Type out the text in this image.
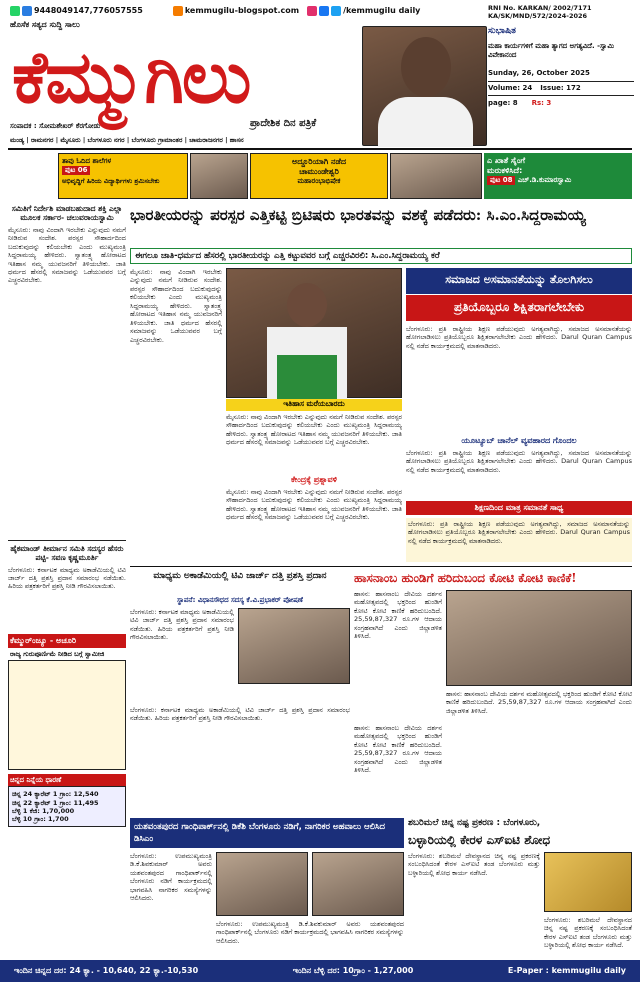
9448049147,776057555	kemmugilu-blogspot.com	/kemmugilu daily
ಹೊಸೆಕ ಸತ್ಯದ ಸುದ್ದಿ ಸಾಲು
ಕೆಮ್ಮುಗಿಲು
ಪ್ರಾದೇಶಿಕ ದಿನ ಪತ್ರಿಕೆ
ಸಂಪಾದಕ : ಸೋಮಶೇಖರ್ ಕೆರಗೋಡು
ಮಂಡ್ಯ | ರಾಮನಗರ | ಮೈಸೂರು | ಬೆಂಗಳೂರು ನಗರ | ಬೆಂಗಳೂರು ಗ್ರಾಮಾಂತರ | ಚಾಮರಾಜನಗರ | ಹಾಸನ
RNI No. KARKAN/ 2002/7171 KA/SK/MND/572/2024-2026
ಸುಭಾಷಿತ
ಮಹಾ ಕಾರ್ಯಗಳಿಗೆ ಮಹಾ ತ್ಯಾಗದ ಅಗತ್ಯವಿದೆ. -ಸ್ವಾಮಿ ವಿವೇಕಾನಂದ
Sunday, 26, October 2025
Volume: 24 Issue: 172
page: 8 Rs: 3
ತಾವು ಓದಿದ ಶಾಲೆಗಳ
ಪುಟ 06
ಅಭಿವೃದ್ಧಿಗೆ ಹಿರಿಯ ವಿದ್ಯಾರ್ಥಿಗಳು ಶ್ರಮಿಸಬೇಕು
ಅದ್ದೂರಿಯಾಗಿ ನಡೆದ
ಚಾಮುಂಡೇಶ್ವರಿ
ಮಹಾರಂಭಾಭಿಷೇಕ
ಎ ಖಾತೆ ಸೈಂಗೆ
ಮರುಕಳಿಸಿದೆ:
ಪುಟ 08 ಎಚ್.ಡಿ.ಕುಮಾರಸ್ವಾಮಿ
ಸಮಿತಿಗೆ ನಿರ್ದೇಶಿ ಮಾಡಬಹುದಾದ ಶಕ್ತಿ ಎಲ್ಲಾ ಮೂಲಕ ಸರ್ಕಾರ- ಚಲುವರಾಯಸ್ವಾಮಿ
ಮೈಸೂರು: ನಾವು ವಿಂದಾಗಿ ಇರಬೇಕು ಎನ್ನುವುದು ನಮಗೆ ನೀಡಿರುವ ಸಂದೇಶ. ಪರಸ್ಪರ ಸೌಹಾರ್ದದಿಂದ ಬದುಕುವುದನ್ನು ಕಲಿಯಬೇಕು ಎಂದು ಮುಖ್ಯಮಂತ್ರಿ ಸಿದ್ದರಾಮಯ್ಯ ಹೇಳಿದರು. ಸ್ವಾತಂತ್ರ್ಯ ಹೋರಾಟದ ಇತಿಹಾಸ ನಮ್ಮ ಯುವಜನರಿಗೆ ತಿಳಿಯಬೇಕು. ಜಾತಿ ಧರ್ಮದ ಹೆಸರಲ್ಲಿ ಸಮಾಜವನ್ನು ಒಡೆಯುವವರ ಬಗ್ಗೆ ಎಚ್ಚರವಿರಬೇಕು.
ಹೈಕಮಾಂಡ್ ತೀರ್ಮಾನ ಸಮಿತಿ ಸದಸ್ಯರ ಹೆಸರು ಪಟ್ಟಿ- ಸವಣ ಕೃಷ್ಣಮೂರ್ತಿ
ಬೆಂಗಳೂರು: ಕರ್ನಾಟಕ ಮಾಧ್ಯಮ ಅಕಾಡೆಮಿಯಲ್ಲಿ ಟಿವಿ ಜಾರ್ಜ್ ದತ್ತಿ ಪ್ರಶಸ್ತಿ ಪ್ರದಾನ ಸಮಾರಂಭ ನಡೆಯಿತು. ಹಿರಿಯ ಪತ್ರಕರ್ತರಿಗೆ ಪ್ರಶಸ್ತಿ ನೀಡಿ ಗೌರವಿಸಲಾಯಿತು.
ಕೆಮ್ಮುರ್ಂಜ್ಯೂ - ಅಚೂರಿ
ರಾಜ್ಯ ಗುರುಪೂರ್ಣಿಮೆ ನೀಡಿದ ಬಗ್ಗೆ ಸ್ವಾಮೀಜಿ
ಚಿನ್ನದ ನಿನ್ನೆಯ ಧಾರಣೆ
ಚಿನ್ನ 24 ಕ್ಯಾರೆಟ್ 1 ಗ್ರಾಂ: 12,540
ಚಿನ್ನ 22 ಕ್ಯಾರೆಟ್ 1 ಗ್ರಾಂ: 11,495
ಬೆಳ್ಳಿ 1 ಕೆಜಿ: 1,70,000
ಬೆಳ್ಳಿ 10 ಗ್ರಾಂ: 1,700
ಭಾರತೀಯರನ್ನು ಪರಸ್ಪರ ಎತ್ತಿಕಟ್ಟಿ ಬ್ರಿಟಿಷರು ಭಾರತವನ್ನು ವಶಕ್ಕೆ ಪಡೆದರು: ಸಿ.ಎಂ.ಸಿದ್ದರಾಮಯ್ಯ
ಈಗಲೂ ಜಾತಿ-ಧರ್ಮದ ಹೆಸರಲ್ಲಿ ಭಾರತೀಯರನ್ನು ಎತ್ತಿ ಕಟ್ಟುವವರ ಬಗ್ಗೆ ಎಚ್ಚರವಿರಲಿ: ಸಿ.ಎಂ.ಸಿದ್ದರಾಮಯ್ಯ ಕರೆ
ಮೈಸೂರು: ನಾವು ವಿಂದಾಗಿ ಇರಬೇಕು ಎನ್ನುವುದು ನಮಗೆ ನೀಡಿರುವ ಸಂದೇಶ. ಪರಸ್ಪರ ಸೌಹಾರ್ದದಿಂದ ಬದುಕುವುದನ್ನು ಕಲಿಯಬೇಕು ಎಂದು ಮುಖ್ಯಮಂತ್ರಿ ಸಿದ್ದರಾಮಯ್ಯ ಹೇಳಿದರು. ಸ್ವಾತಂತ್ರ್ಯ ಹೋರಾಟದ ಇತಿಹಾಸ ನಮ್ಮ ಯುವಜನರಿಗೆ ತಿಳಿಯಬೇಕು. ಜಾತಿ ಧರ್ಮದ ಹೆಸರಲ್ಲಿ ಸಮಾಜವನ್ನು ಒಡೆಯುವವರ ಬಗ್ಗೆ ಎಚ್ಚರವಿರಬೇಕು.
ಇತಿಹಾಸ ಮರೆಯಬಾರದು
ಮೈಸೂರು: ನಾವು ವಿಂದಾಗಿ ಇರಬೇಕು ಎನ್ನುವುದು ನಮಗೆ ನೀಡಿರುವ ಸಂದೇಶ. ಪರಸ್ಪರ ಸೌಹಾರ್ದದಿಂದ ಬದುಕುವುದನ್ನು ಕಲಿಯಬೇಕು ಎಂದು ಮುಖ್ಯಮಂತ್ರಿ ಸಿದ್ದರಾಮಯ್ಯ ಹೇಳಿದರು. ಸ್ವಾತಂತ್ರ್ಯ ಹೋರಾಟದ ಇತಿಹಾಸ ನಮ್ಮ ಯುವಜನರಿಗೆ ತಿಳಿಯಬೇಕು. ಜಾತಿ ಧರ್ಮದ ಹೆಸರಲ್ಲಿ ಸಮಾಜವನ್ನು ಒಡೆಯುವವರ ಬಗ್ಗೆ ಎಚ್ಚರವಿರಬೇಕು.
ಕೇಂದ್ರಕ್ಕೆ ಪ್ರಶ್ನಾವಳಿ
ಮೈಸೂರು: ನಾವು ವಿಂದಾಗಿ ಇರಬೇಕು ಎನ್ನುವುದು ನಮಗೆ ನೀಡಿರುವ ಸಂದೇಶ. ಪರಸ್ಪರ ಸೌಹಾರ್ದದಿಂದ ಬದುಕುವುದನ್ನು ಕಲಿಯಬೇಕು ಎಂದು ಮುಖ್ಯಮಂತ್ರಿ ಸಿದ್ದರಾಮಯ್ಯ ಹೇಳಿದರು. ಸ್ವಾತಂತ್ರ್ಯ ಹೋರಾಟದ ಇತಿಹಾಸ ನಮ್ಮ ಯುವಜನರಿಗೆ ತಿಳಿಯಬೇಕು. ಜಾತಿ ಧರ್ಮದ ಹೆಸರಲ್ಲಿ ಸಮಾಜವನ್ನು ಒಡೆಯುವವರ ಬಗ್ಗೆ ಎಚ್ಚರವಿರಬೇಕು.
ಸಮಾಜದ ಅಸಮಾನತೆಯನ್ನು ತೊಲಗಿಸಲು
ಪ್ರತಿಯೊಬ್ಬರೂ ಶಿಕ್ಷಿತರಾಗಲೇಬೇಕು
ಬೆಂಗಳೂರು: ಪ್ರತಿ ರಾಷ್ಟ್ರೀಯ ಶಿಕ್ಷಣ ಪಡೆಯುವುದು ಅಗತ್ಯವಾಗಿದ್ದು, ಸಮಾಜದ ಅಸಮಾನತೆಯನ್ನು ಹೋಗಲಾಡಿಸಲು ಪ್ರತಿಯೊಬ್ಬರೂ ಶಿಕ್ಷಿತರಾಗಲೇಬೇಕು ಎಂದು ಹೇಳಿದರು. Darul Quran Campus ನಲ್ಲಿ ನಡೆದ ಕಾರ್ಯಕ್ರಮದಲ್ಲಿ ಮಾತನಾಡಿದರು.
ಯೂಟ್ಯೂಬ್ ಚಾನೆಲ್ ವ್ಯವಹಾರದ ಗೊಂದಲ
ಬೆಂಗಳೂರು: ಪ್ರತಿ ರಾಷ್ಟ್ರೀಯ ಶಿಕ್ಷಣ ಪಡೆಯುವುದು ಅಗತ್ಯವಾಗಿದ್ದು, ಸಮಾಜದ ಅಸಮಾನತೆಯನ್ನು ಹೋಗಲಾಡಿಸಲು ಪ್ರತಿಯೊಬ್ಬರೂ ಶಿಕ್ಷಿತರಾಗಲೇಬೇಕು ಎಂದು ಹೇಳಿದರು. Darul Quran Campus ನಲ್ಲಿ ನಡೆದ ಕಾರ್ಯಕ್ರಮದಲ್ಲಿ ಮಾತನಾಡಿದರು.
ಶಿಕ್ಷಣದಿಂದ ಮಾತ್ರ ಸಮಾನತೆ ಸಾಧ್ಯ
ಬೆಂಗಳೂರು: ಪ್ರತಿ ರಾಷ್ಟ್ರೀಯ ಶಿಕ್ಷಣ ಪಡೆಯುವುದು ಅಗತ್ಯವಾಗಿದ್ದು, ಸಮಾಜದ ಅಸಮಾನತೆಯನ್ನು ಹೋಗಲಾಡಿಸಲು ಪ್ರತಿಯೊಬ್ಬರೂ ಶಿಕ್ಷಿತರಾಗಲೇಬೇಕು ಎಂದು ಹೇಳಿದರು. Darul Quran Campus ನಲ್ಲಿ ನಡೆದ ಕಾರ್ಯಕ್ರಮದಲ್ಲಿ ಮಾತನಾಡಿದರು.
ಮಾಧ್ಯಮ ಅಕಾಡೆಮಿಯಲ್ಲಿ ಟಿವಿ ಜಾರ್ಜ್ ದತ್ತಿ ಪ್ರಶಸ್ತಿ ಪ್ರದಾನ
ಸ್ಥಾಪನೆ: ವಿಧಾನಸೌಧದ ಸದಸ್ಯ ಕೆ.ವಿ.ಪ್ರಭಾಕರ್ ಪೋಷಣೆ
ಬೆಂಗಳೂರು: ಕರ್ನಾಟಕ ಮಾಧ್ಯಮ ಅಕಾಡೆಮಿಯಲ್ಲಿ ಟಿವಿ ಜಾರ್ಜ್ ದತ್ತಿ ಪ್ರಶಸ್ತಿ ಪ್ರದಾನ ಸಮಾರಂಭ ನಡೆಯಿತು. ಹಿರಿಯ ಪತ್ರಕರ್ತರಿಗೆ ಪ್ರಶಸ್ತಿ ನೀಡಿ ಗೌರವಿಸಲಾಯಿತು.
ಬೆಂಗಳೂರು: ಕರ್ನಾಟಕ ಮಾಧ್ಯಮ ಅಕಾಡೆಮಿಯಲ್ಲಿ ಟಿವಿ ಜಾರ್ಜ್ ದತ್ತಿ ಪ್ರಶಸ್ತಿ ಪ್ರದಾನ ಸಮಾರಂಭ ನಡೆಯಿತು. ಹಿರಿಯ ಪತ್ರಕರ್ತರಿಗೆ ಪ್ರಶಸ್ತಿ ನೀಡಿ ಗೌರವಿಸಲಾಯಿತು.
ಹಾಸನಾಂಬ ಹುಂಡಿಗೆ ಹರಿದುಬಂದ ಕೋಟಿ ಕೋಟಿ ಕಾಣಿಕೆ!
ಹಾಸನ: ಹಾಸನಾಂಬ ದೇವಿಯ ದರ್ಶನ ಮಹೋತ್ಸವದಲ್ಲಿ ಭಕ್ತರಿಂದ ಹುಂಡಿಗೆ ಕೋಟಿ ಕೋಟಿ ಕಾಣಿಕೆ ಹರಿದುಬಂದಿದೆ. 25,59,87,327 ರೂ.ಗಳ ಆದಾಯ ಸಂಗ್ರಹವಾಗಿದೆ ಎಂದು ಜಿಲ್ಲಾಡಳಿತ ತಿಳಿಸಿದೆ.
ಹಾಸನ: ಹಾಸನಾಂಬ ದೇವಿಯ ದರ್ಶನ ಮಹೋತ್ಸವದಲ್ಲಿ ಭಕ್ತರಿಂದ ಹುಂಡಿಗೆ ಕೋಟಿ ಕೋಟಿ ಕಾಣಿಕೆ ಹರಿದುಬಂದಿದೆ. 25,59,87,327 ರೂ.ಗಳ ಆದಾಯ ಸಂಗ್ರಹವಾಗಿದೆ ಎಂದು ಜಿಲ್ಲಾಡಳಿತ ತಿಳಿಸಿದೆ.
ಹಾಸನ: ಹಾಸನಾಂಬ ದೇವಿಯ ದರ್ಶನ ಮಹೋತ್ಸವದಲ್ಲಿ ಭಕ್ತರಿಂದ ಹುಂಡಿಗೆ ಕೋಟಿ ಕೋಟಿ ಕಾಣಿಕೆ ಹರಿದುಬಂದಿದೆ. 25,59,87,327 ರೂ.ಗಳ ಆದಾಯ ಸಂಗ್ರಹವಾಗಿದೆ ಎಂದು ಜಿಲ್ಲಾಡಳಿತ ತಿಳಿಸಿದೆ.
ಯಶವಂತಪುರದ ಗಾಂಧಿಪಾರ್ಕ್‌ನಲ್ಲಿ ಡಿಕೆಶಿ ಬೆಂಗಳೂರು ನಡಿಗೆ, ನಾಗರಿಕರ ಅಹವಾಲು ಆಲಿಸಿದ ಡಿಸಿಎಂ
ಬೆಂಗಳೂರು: ಉಪಮುಖ್ಯಮಂತ್ರಿ ಡಿ.ಕೆ.ಶಿವಕುಮಾರ್ ಅವರು ಯಶವಂತಪುರದ ಗಾಂಧಿಪಾರ್ಕ್‌ನಲ್ಲಿ ಬೆಂಗಳೂರು ನಡಿಗೆ ಕಾರ್ಯಕ್ರಮದಲ್ಲಿ ಭಾಗವಹಿಸಿ ನಾಗರಿಕರ ಸಮಸ್ಯೆಗಳನ್ನು ಆಲಿಸಿದರು.
ಬೆಂಗಳೂರು: ಉಪಮುಖ್ಯಮಂತ್ರಿ ಡಿ.ಕೆ.ಶಿವಕುಮಾರ್ ಅವರು ಯಶವಂತಪುರದ ಗಾಂಧಿಪಾರ್ಕ್‌ನಲ್ಲಿ ಬೆಂಗಳೂರು ನಡಿಗೆ ಕಾರ್ಯಕ್ರಮದಲ್ಲಿ ಭಾಗವಹಿಸಿ ನಾಗರಿಕರ ಸಮಸ್ಯೆಗಳನ್ನು ಆಲಿಸಿದರು.
ಶಬರಿಮಲೆ ಚಿನ್ನ ನಷ್ಟ ಪ್ರಕರಣ : ಬೆಂಗಳೂರು,
ಬಳ್ಳಾರಿಯಲ್ಲಿ ಕೇರಳ ಎಸ್‌ಐಟಿ ಶೋಧ
ಬೆಂಗಳೂರು: ಶಬರಿಮಲೆ ದೇವಸ್ಥಾನದ ಚಿನ್ನ ನಷ್ಟ ಪ್ರಕರಣಕ್ಕೆ ಸಂಬಂಧಿಸಿದಂತೆ ಕೇರಳ ಎಸ್‌ಐಟಿ ತಂಡ ಬೆಂಗಳೂರು ಮತ್ತು ಬಳ್ಳಾರಿಯಲ್ಲಿ ಶೋಧ ಕಾರ್ಯ ನಡೆಸಿದೆ.
ಬೆಂಗಳೂರು: ಶಬರಿಮಲೆ ದೇವಸ್ಥಾನದ ಚಿನ್ನ ನಷ್ಟ ಪ್ರಕರಣಕ್ಕೆ ಸಂಬಂಧಿಸಿದಂತೆ ಕೇರಳ ಎಸ್‌ಐಟಿ ತಂಡ ಬೆಂಗಳೂರು ಮತ್ತು ಬಳ್ಳಾರಿಯಲ್ಲಿ ಶೋಧ ಕಾರ್ಯ ನಡೆಸಿದೆ.
ಇಂದಿನ ಚಿನ್ನದ ದರ: 24 ಕ್ಯಾ. - 10,640, 22 ಕ್ಯಾ.-10,530	ಇಂದಿನ ಬೆಳ್ಳಿ ದರ: 10ಗ್ರಾಂ - 1,27,000	E-Paper : kemmugilu daily
